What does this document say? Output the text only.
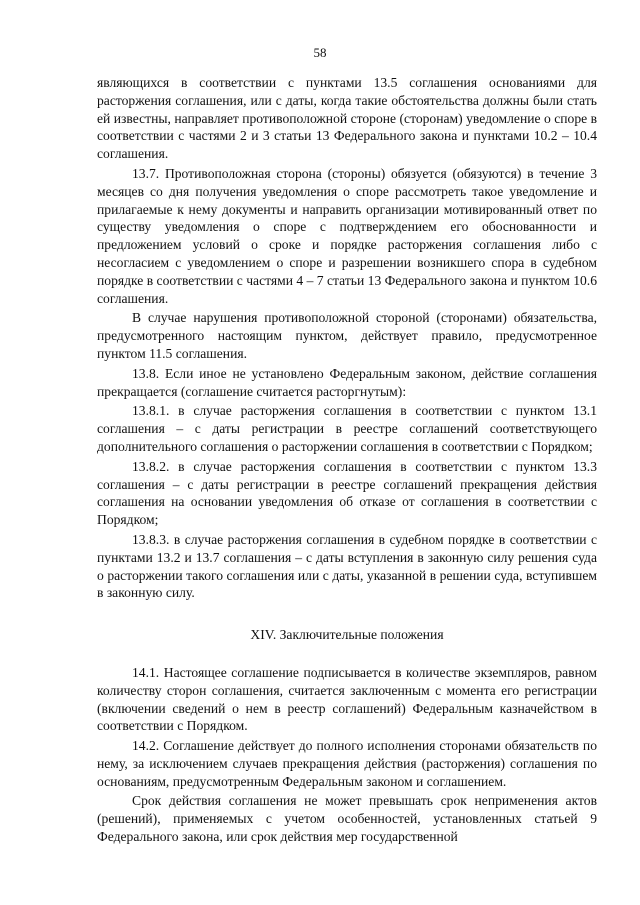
58

являющихся в соответствии с пунктами 13.5 соглашения основаниями для расторжения соглашения, или с даты, когда такие обстоятельства должны были стать ей известны, направляет противоположной стороне (сторонам) уведомление о споре в соответствии с частями 2 и 3 статьи 13 Федерального закона и пунктами 10.2 – 10.4 соглашения.

13.7. Противоположная сторона (стороны) обязуется (обязуются) в течение 3 месяцев со дня получения уведомления о споре рассмотреть такое уведомление и прилагаемые к нему документы и направить организации мотивированный ответ по существу уведомления о споре с подтверждением его обоснованности и предложением условий о сроке и порядке расторжения соглашения либо с несогласием с уведомлением о споре и разрешении возникшего спора в судебном порядке в соответствии с частями 4 – 7 статьи 13 Федерального закона и пунктом 10.6 соглашения.

В случае нарушения противоположной стороной (сторонами) обязательства, предусмотренного настоящим пунктом, действует правило, предусмотренное пунктом 11.5 соглашения.

13.8. Если иное не установлено Федеральным законом, действие соглашения прекращается (соглашение считается расторгнутым):

13.8.1. в случае расторжения соглашения в соответствии с пунктом 13.1 соглашения – с даты регистрации в реестре соглашений соответствующего дополнительного соглашения о расторжении соглашения в соответствии с Порядком;

13.8.2. в случае расторжения соглашения в соответствии с пунктом 13.3 соглашения – с даты регистрации в реестре соглашений прекращения действия соглашения на основании уведомления об отказе от соглашения в соответствии с Порядком;

13.8.3. в случае расторжения соглашения в судебном порядке в соответствии с пунктами 13.2 и 13.7 соглашения – с даты вступления в законную силу решения суда о расторжении такого соглашения или с даты, указанной в решении суда, вступившем в законную силу.

XIV. Заключительные положения

14.1. Настоящее соглашение подписывается в количестве экземпляров, равном количеству сторон соглашения, считается заключенным с момента его регистрации (включении сведений о нем в реестр соглашений) Федеральным казначейством в соответствии с Порядком.

14.2. Соглашение действует до полного исполнения сторонами обязательств по нему, за исключением случаев прекращения действия (расторжения) соглашения по основаниям, предусмотренным Федеральным законом и соглашением.

Срок действия соглашения не может превышать срок неприменения актов (решений), применяемых с учетом особенностей, установленных статьей 9 Федерального закона, или срок действия мер государственной
